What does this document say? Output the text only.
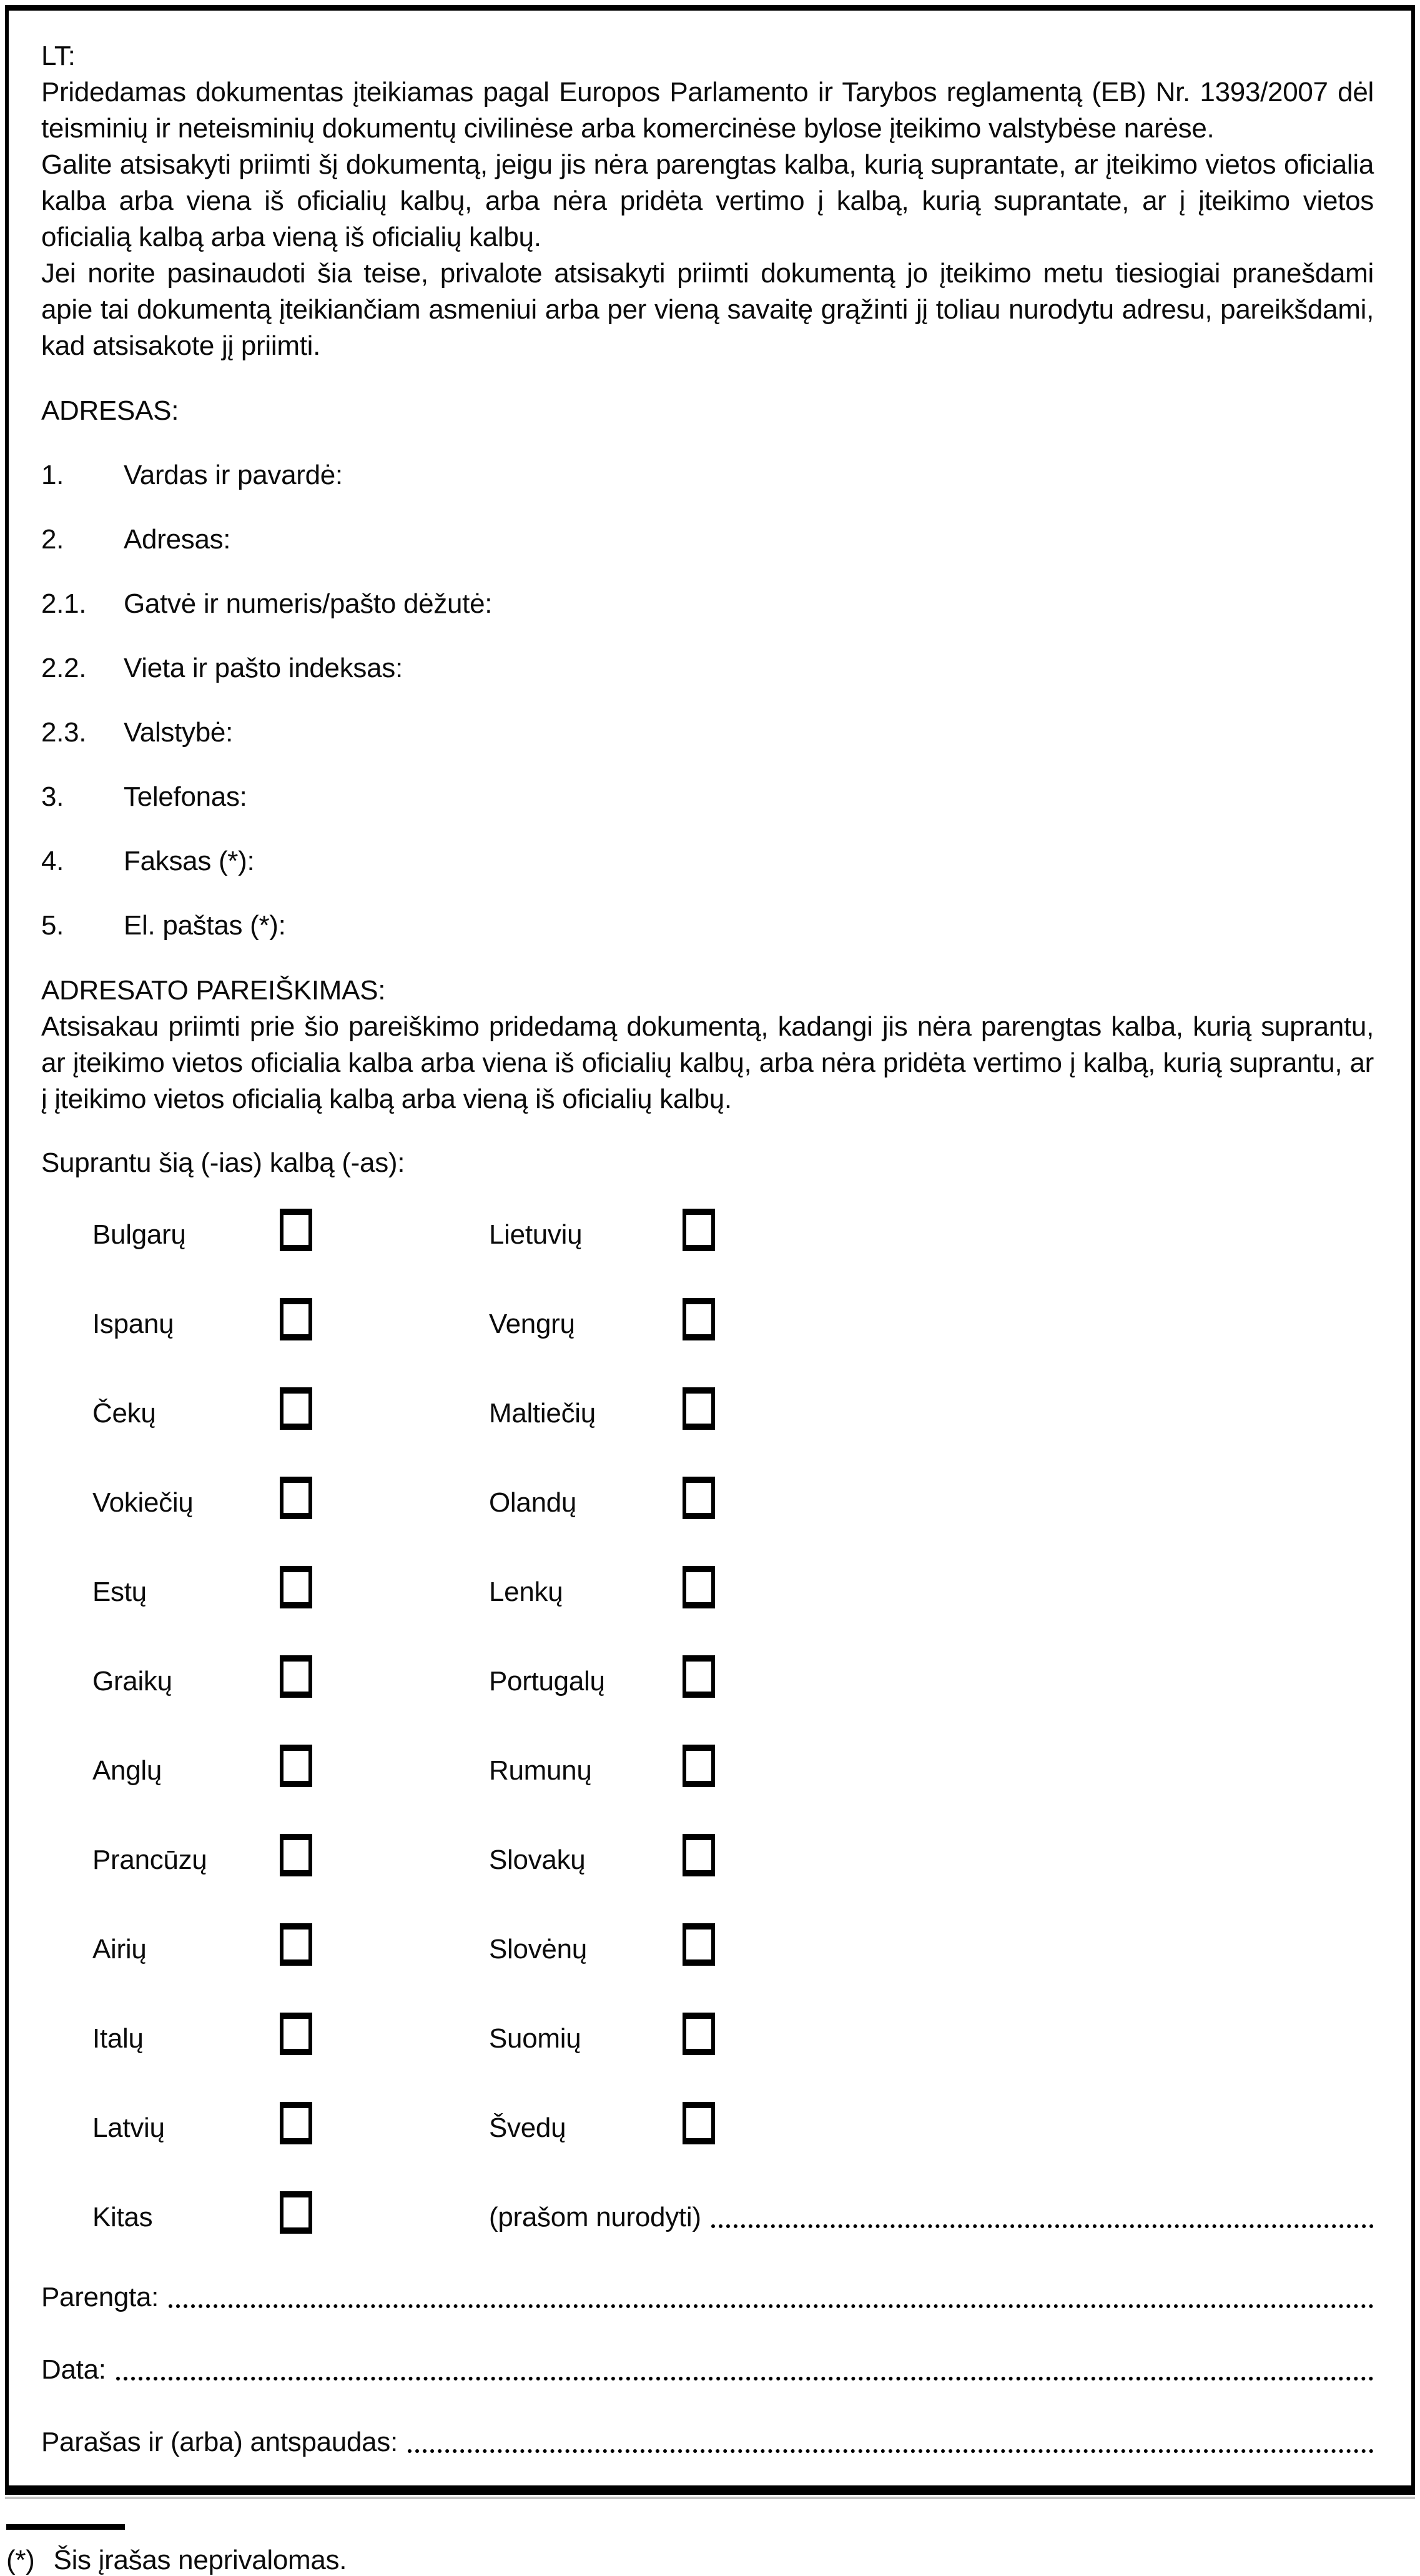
LT:

Pridedamas dokumentas įteikiamas pagal Europos Parlamento ir Tarybos reglamentą (EB) Nr. 1393/2007 dėl teisminių ir neteisminių dokumentų civilinėse arba komercinėse bylose įteikimo valstybėse narėse.

Galite atsisakyti priimti šį dokumentą, jeigu jis nėra parengtas kalba, kurią suprantate, ar įteikimo vietos oficialia kalba arba viena iš oficialių kalbų, arba nėra pridėta vertimo į kalbą, kurią suprantate, ar į įteikimo vietos oficialią kalbą arba vieną iš oficialių kalbų.

Jei norite pasinaudoti šia teise, privalote atsisakyti priimti dokumentą jo įteikimo metu tiesiogiai pranešdami apie tai dokumentą įteikiančiam asmeniui arba per vieną savaitę grąžinti jį toliau nurodytu adresu, pareikšdami, kad atsisakote jį priimti.

ADRESAS:
1.	Vardas ir pavardė:
2.	Adresas:
2.1.	Gatvė ir numeris/pašto dėžutė:
2.2.	Vieta ir pašto indeksas:
2.3.	Valstybė:
3.	Telefonas:
4.	Faksas (*):
5.	El. paštas (*):
ADRESATO PAREIŠKIMAS:

Atsisakau priimti prie šio pareiškimo pridedamą dokumentą, kadangi jis nėra parengtas kalba, kurią suprantu, ar įteikimo vietos oficialia kalba arba viena iš oficialių kalbų, arba nėra pridėta vertimo į kalbą, kurią suprantu, ar į įteikimo vietos oficialią kalbą arba vieną iš oficialių kalbų.

Suprantu šią (-ias) kalbą (-as):
Bulgarų	Lietuvių
Ispanų	Vengrų
Čekų	Maltiečių
Vokiečių	Olandų
Estų	Lenkų
Graikų	Portugalų
Anglų	Rumunų
Prancūzų	Slovakų
Airių	Slovėnų
Italų	Suomių
Latvių	Švedų
Kitas	(prašom nurodyti)
Parengta:
Data:
Parašas ir (arba) antspaudas:
(*) Šis įrašas neprivalomas.
